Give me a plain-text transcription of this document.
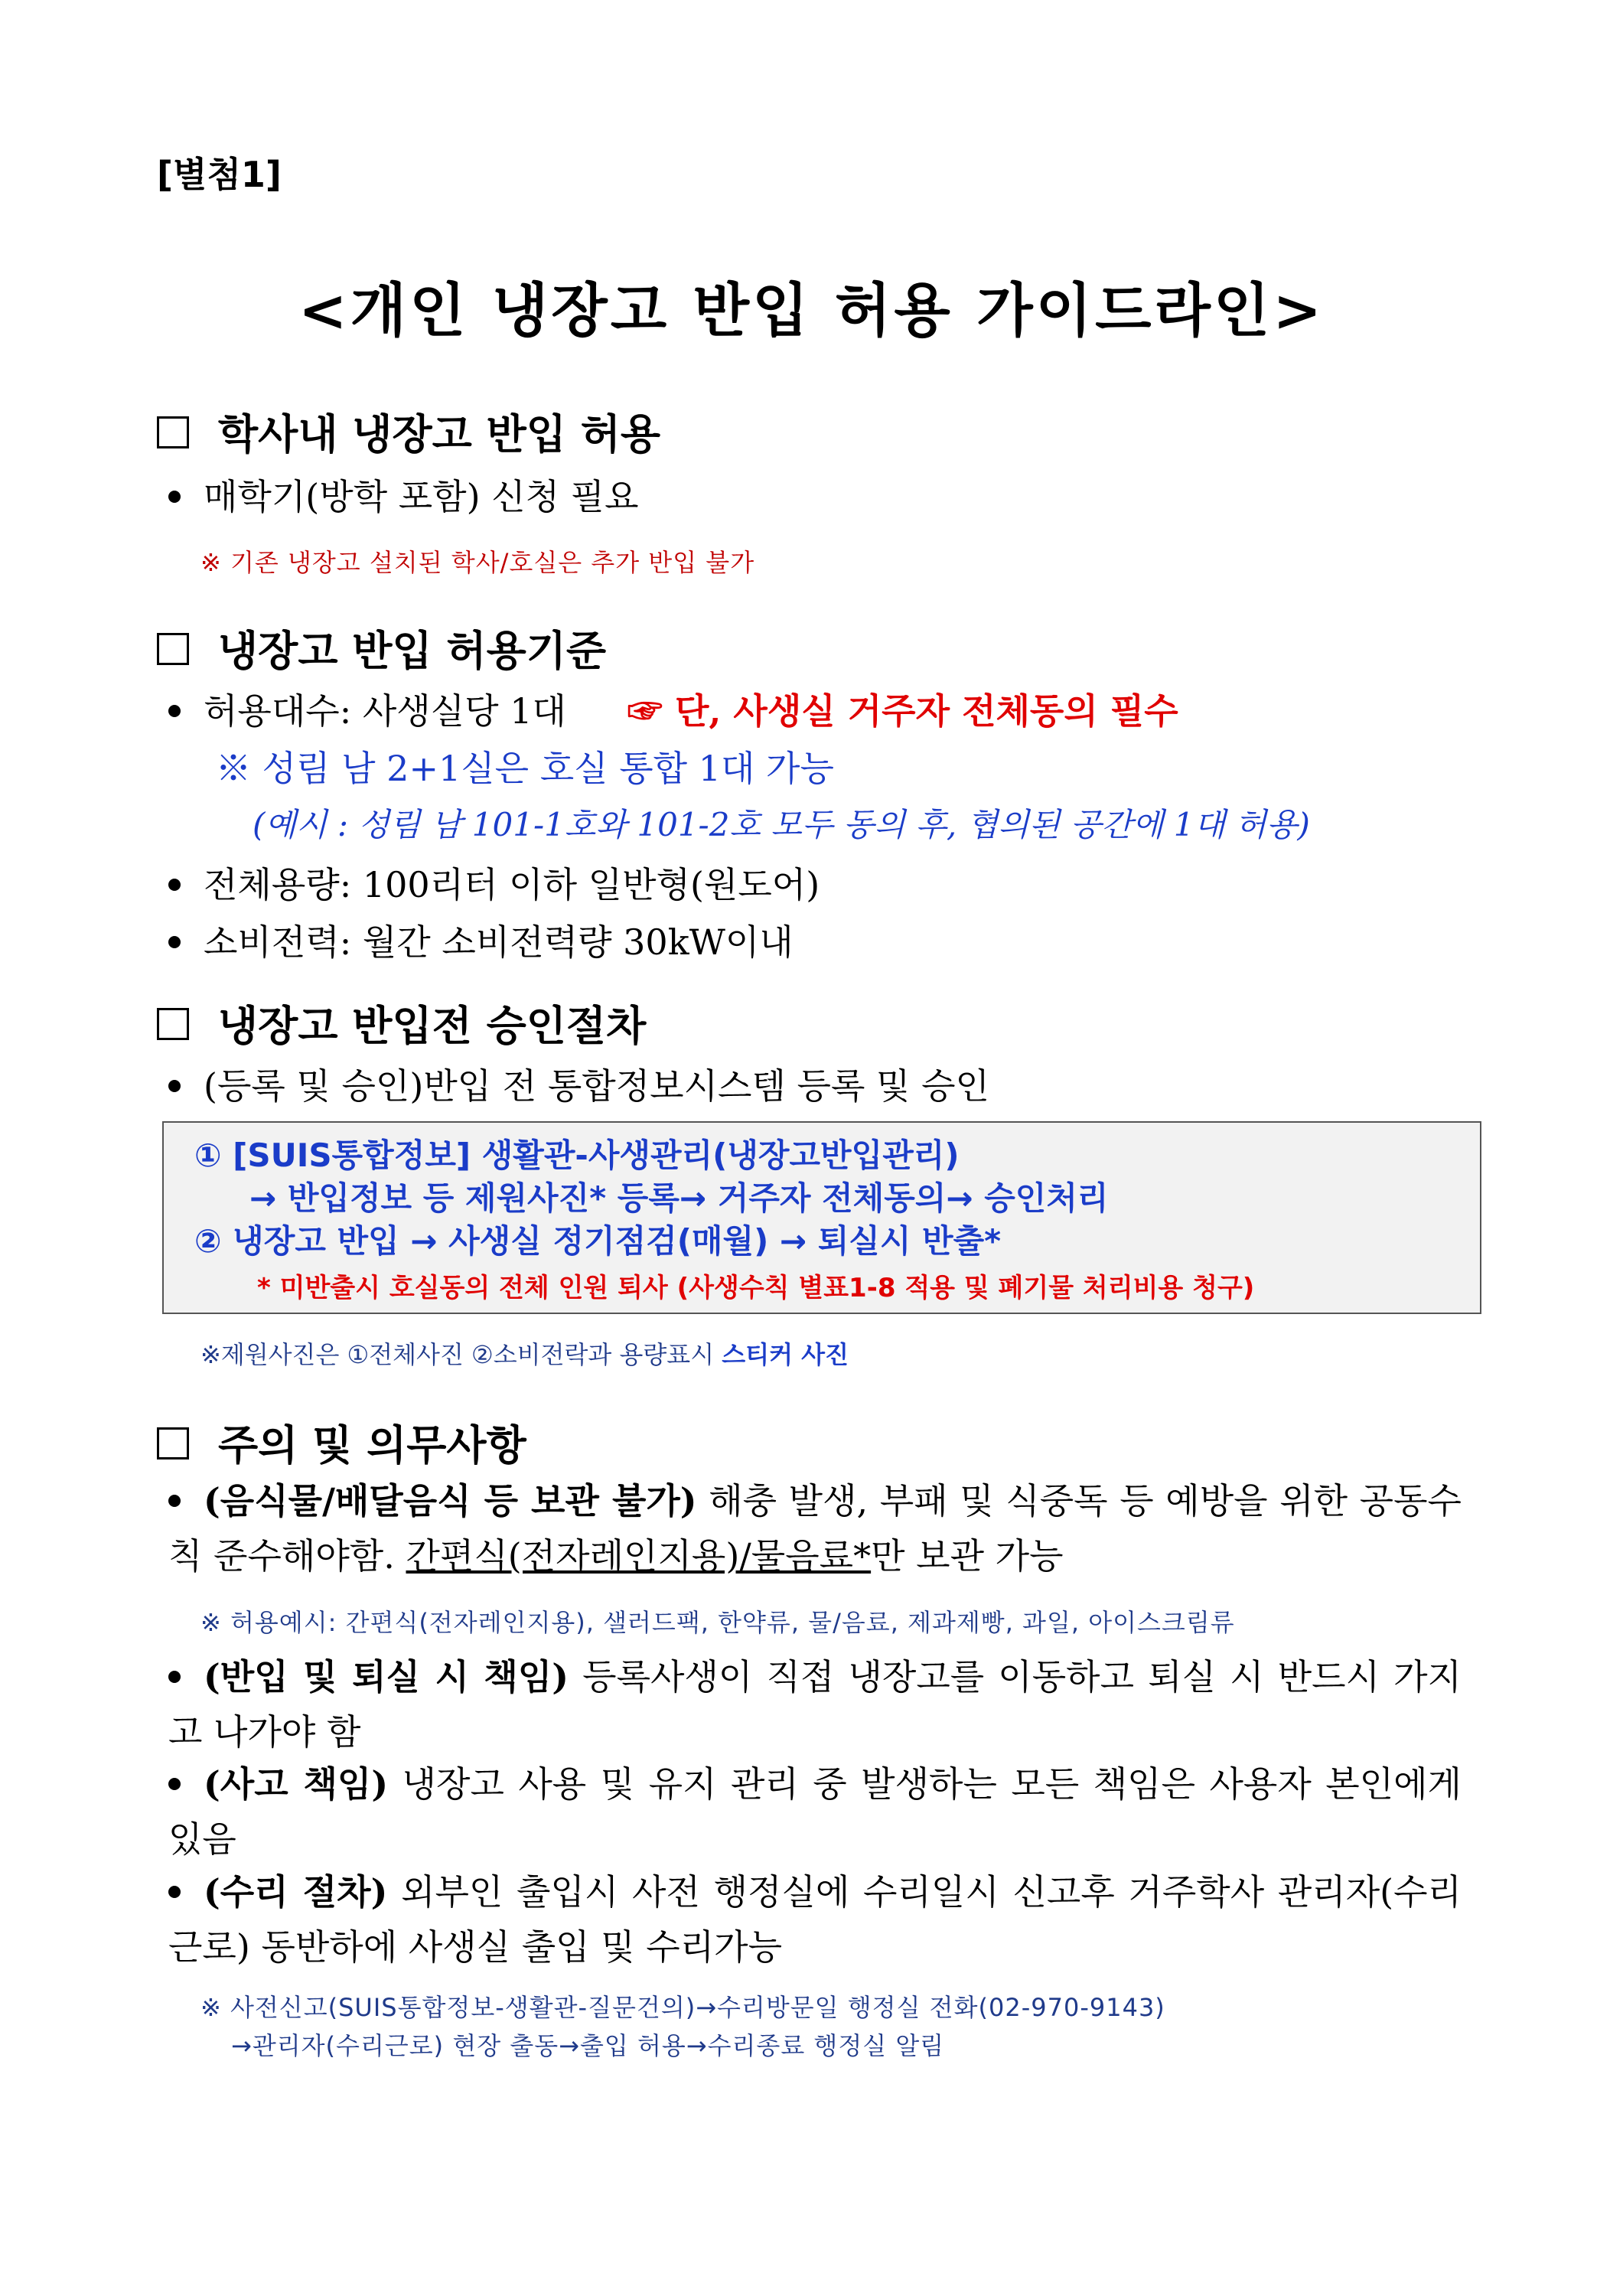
[별첨1]
<개인 냉장고 반입 허용 가이드라인>
학사내 냉장고 반입 허용
매학기(방학 포함) 신청 필요
※ 기존 냉장고 설치된 학사/호실은 추가 반입 불가
냉장고 반입 허용기준
허용대수: 사생실당 1대 ☞ 단, 사생실 거주자 전체동의 필수
※ 성림 남 2+1실은 호실 통합 1대 가능
(예시 : 성림 남 101-1호와 101-2호 모두 동의 후, 협의된 공간에 1대 허용)
전체용량: 100리터 이하 일반형(원도어)
소비전력: 월간 소비전력량 30kW이내
냉장고 반입전 승인절차
(등록 및 승인)반입 전 통합정보시스템 등록 및 승인
① [SUIS통합정보] 생활관-사생관리(냉장고반입관리)
→ 반입정보 등 제원사진* 등록→ 거주자 전체동의→ 승인처리
② 냉장고 반입 → 사생실 정기점검(매월) → 퇴실시 반출*
* 미반출시 호실동의 전체 인원 퇴사 (사생수칙 별표1-8 적용 및 폐기물 처리비용 청구)
※제원사진은 ①전체사진 ②소비전락과 용량표시 스티커 사진
주의 및 의무사항
(음식물/배달음식 등 보관 불가) 해충 발생, 부패 및 식중독 등 예방을 위한 공동수칙 준수해야함. 간편식(전자레인지용)/물음료*만 보관 가능
※ 허용예시: 간편식(전자레인지용), 샐러드팩, 한약류, 물/음료, 제과제빵, 과일, 아이스크림류
(반입 및 퇴실 시 책임) 등록사생이 직접 냉장고를 이동하고 퇴실 시 반드시 가지고 나가야 함
(사고 책임) 냉장고 사용 및 유지 관리 중 발생하는 모든 책임은 사용자 본인에게 있음
(수리 절차) 외부인 출입시 사전 행정실에 수리일시 신고후 거주학사 관리자(수리근로) 동반하에 사생실 출입 및 수리가능
※ 사전신고(SUIS통합정보-생활관-질문건의)→수리방문일 행정실 전화(02-970-9143)
→관리자(수리근로) 현장 출동→출입 허용→수리종료 행정실 알림
